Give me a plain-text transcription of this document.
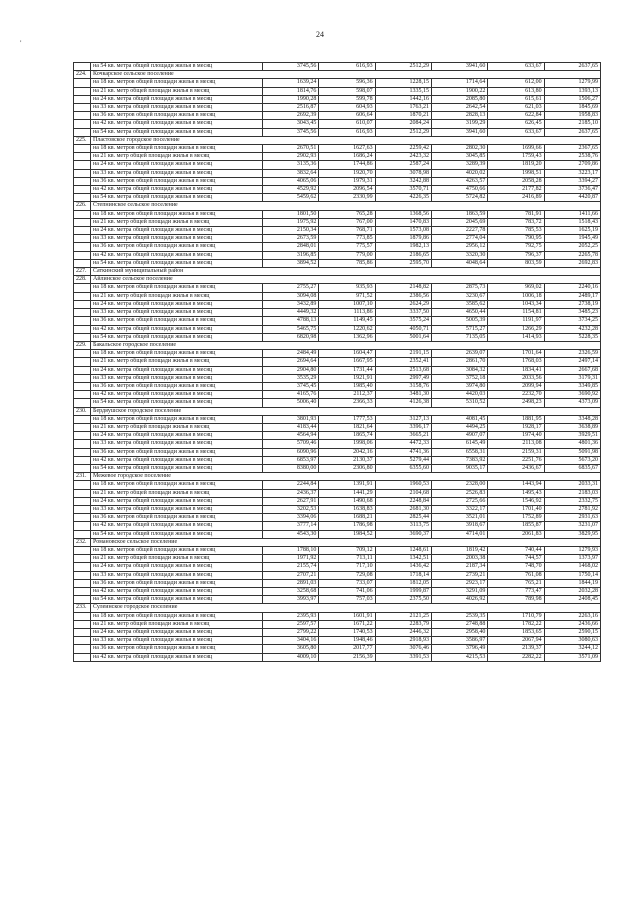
24
,
	на 54 кв. метра общей площади жилья в месяц	3745,56	616,93	2512,29	3941,60	633,67	2637,65
224.	Кочкарское сельское поселение						
	на 18 кв. метров общей площади жилья в месяц	1639,24	596,36	1228,15	1714,64	612,00	1279,99
	на 21 кв. метр общей площади жилья в месяц	1814,76	598,07	1335,15	1900,22	613,80	1393,13
	на 24 кв. метра общей площади жилья в месяц	1990,28	599,78	1442,16	2085,80	615,61	1506,27
	на 33 кв. метра общей площади жилья в месяц	2516,87	604,93	1763,21	2642,54	621,03	1845,69
	на 36 кв. метров общей площади жилья в месяц	2692,39	606,64	1870,21	2828,13	622,84	1958,83
	на 42 кв. метра общей площади жилья в месяц	3043,45	610,07	2084,24	3199,29	626,45	2185,10
	на 54 кв. метра общей площади жилья в месяц	3745,56	616,93	2512,29	3941,60	633,67	2637,65
225.	Пластовское городское поселение						
	на 18 кв. метров общей площади жилья в месяц	2670,51	1627,63	2259,42	2802,30	1699,66	2367,65
	на 21 кв. метр общей площади жилья в месяц	2902,93	1686,24	2423,32	3045,85	1759,43	2538,76
	на 24 кв. метра общей площади жилья в месяц	3135,36	1744,86	2587,24	3289,39	1819,20	2709,86
	на 33 кв. метра общей площади жилья в месяц	3832,64	1920,70	3078,98	4020,02	1998,51	3223,17
	на 36 кв. метров общей площади жилья в месяц	4065,06	1979,31	3242,88	4263,57	2058,28	3394,27
	на 42 кв. метра общей площади жилья в месяц	4529,92	2096,54	3570,71	4750,66	2177,82	3736,47
	на 54 кв. метра общей площади жилья в месяц	5459,62	2330,99	4226,35	5724,82	2416,89	4420,87
226.	Степнинское сельское поселение						
	на 18 кв. метров общей площади жилья в месяц	1801,50	765,28	1368,56	1863,59	781,91	1411,66
	на 21 кв. метр общей площади жилья в месяц	1975,92	767,00	1470,83	2045,69	783,72	1518,43
	на 24 кв. метра общей площади жилья в месяц	2150,34	768,71	1573,08	2227,78	785,53	1625,19
	на 33 кв. метра общей площади жилья в месяц	2673,59	773,85	1879,86	2774,04	790,95	1945,49
	на 36 кв. метров общей площади жилья в месяц	2848,01	775,57	1982,13	2956,12	792,75	2052,25
	на 42 кв. метра общей площади жилья в месяц	3196,85	779,00	2186,65	3320,30	796,37	2265,78
	на 54 кв. метра общей площади жилья в месяц	3894,52	785,86	2595,70	4048,64	803,59	2692,83
227.	Саткинский муниципальный район						
228.	Айлинское сельское поселение						
	на 18 кв. метров общей площади жилья в месяц	2755,27	935,93	2148,82	2875,73	969,02	2240,16
	на 21 кв. метр общей площади жилья в месяц	3094,08	971,52	2386,56	3230,67	1006,18	2489,17
	на 24 кв. метра общей площади жилья в месяц	3432,89	1007,10	2624,29	3585,62	1043,34	2738,19
	на 33 кв. метра общей площади жилья в месяц	4449,32	1113,86	3337,50	4650,44	1154,81	3485,23
	на 36 кв. метров общей площади жилья в месяц	4788,13	1149,45	3575,24	5005,39	1191,97	3734,25
	на 42 кв. метра общей площади жилья в месяц	5465,75	1220,62	4050,71	5715,27	1266,29	4232,28
	на 54 кв. метра общей площади жилья в месяц	6820,98	1362,96	5001,64	7135,05	1414,93	5228,35
229.	Бакальское городское поселение						
	на 18 кв. метров общей площади жилья в месяц	2484,49	1604,47	2191,15	2639,07	1701,64	2326,59
	на 21 кв. метр общей площади жилья в месяц	2694,64	1667,95	2352,41	2861,70	1768,03	2497,14
	на 24 кв. метра общей площади жилья в месяц	2904,80	1731,44	2513,68	3084,32	1834,41	2667,68
	на 33 кв. метра общей площади жилья в месяц	3535,29	1921,91	2997,49	3752,18	2033,56	3179,31
	на 36 кв. метров общей площади жилья в месяц	3745,45	1985,40	3158,76	3974,80	2099,94	3349,85
	на 42 кв. метра общей площади жилья в месяц	4165,76	2112,37	3481,30	4420,03	2232,70	3690,92
	на 54 кв. метра общей площади жилья в месяц	5006,40	2366,33	4126,38	5310,52	2498,23	4373,09
230.	Бердяушское городское поселение						
	на 18 кв. метров общей площади жилья в месяц	3801,93	1777,53	3127,13	4081,45	1881,95	3348,28
	на 21 кв. метр общей площади жилья в месяц	4183,44	1821,64	3396,17	4494,25	1928,17	3638,89
	на 24 кв. метра общей площади жилья в месяц	4564,94	1865,74	3665,21	4907,07	1974,40	3929,51
	на 33 кв. метра общей площади жилья в месяц	5709,46	1998,06	4472,33	6145,49	2113,08	4801,36
	на 36 кв. метров общей площади жилья в месяц	6090,96	2042,16	4741,36	6558,31	2159,31	5091,98
	на 42 кв. метра общей площади жилья в месяц	6853,97	2130,37	5279,44	7383,92	2251,76	5673,20
	на 54 кв. метра общей площади жилья в месяц	8380,00	2306,80	6355,60	9035,17	2436,67	6835,67
231.	Межевое городское поселение						
	на 18 кв. метров общей площади жилья в месяц	2244,84	1391,91	1960,53	2328,00	1443,94	2033,31
	на 21 кв. метр общей площади жилья в месяц	2436,37	1441,29	2104,68	2526,83	1495,43	2183,03
	на 24 кв. метра общей площади жилья в месяц	2627,91	1490,68	2248,84	2725,66	1546,92	2332,75
	на 33 кв. метра общей площади жилья в месяц	3202,53	1638,83	2681,30	3322,17	1701,40	2781,92
	на 36 кв. метров общей площади жилья в месяц	3394,06	1688,21	2825,44	3521,01	1752,89	2931,63
	на 42 кв. метра общей площади жилья в месяц	3777,14	1786,98	3113,75	3918,67	1855,87	3231,07
	на 54 кв. метра общей площади жилья в месяц	4543,30	1984,52	3690,37	4714,01	2061,83	3829,95
232.	Романовское сельское поселение						
	на 18 кв. метров общей площади жилья в месяц	1788,10	709,12	1248,61	1819,42	740,44	1279,93
	на 21 кв. метр общей площади жилья в месяц	1971,92	713,11	1342,51	2003,38	744,57	1373,97
	на 24 кв. метра общей площади жилья в месяц	2155,74	717,10	1436,42	2187,34	748,70	1468,02
	на 33 кв. метра общей площади жилья в месяц	2707,21	729,08	1718,14	2739,21	761,08	1750,14
	на 36 кв. метров общей площади жилья в месяц	2891,03	733,07	1812,05	2923,17	765,21	1844,19
	на 42 кв. метра общей площади жилья в месяц	3258,68	741,06	1999,87	3291,09	773,47	2032,28
	на 54 кв. метра общей площади жилья в месяц	3993,97	757,03	2375,50	4026,92	789,98	2408,45
233.	Сулеинское городское поселение						
	на 18 кв. метров общей площади жилья в месяц	2395,93	1601,91	2121,25	2539,35	1710,79	2263,16
	на 21 кв. метр общей площади жилья в месяц	2597,57	1671,22	2283,79	2748,88	1782,22	2436,66
	на 24 кв. метра общей площади жилья в месяц	2799,22	1740,53	2446,32	2958,40	1853,65	2590,15
	на 33 кв. метра общей площади жилья в месяц	3404,16	1948,46	2918,93	3586,97	2067,94	3080,63
	на 36 кв. метров общей площади жилья в месяц	3605,80	2017,77	3076,46	3796,49	2139,37	3244,12
	на 42 кв. метра общей площади жилья в месяц	4009,10	2156,39	3391,53	4215,53	2282,22	3571,09
